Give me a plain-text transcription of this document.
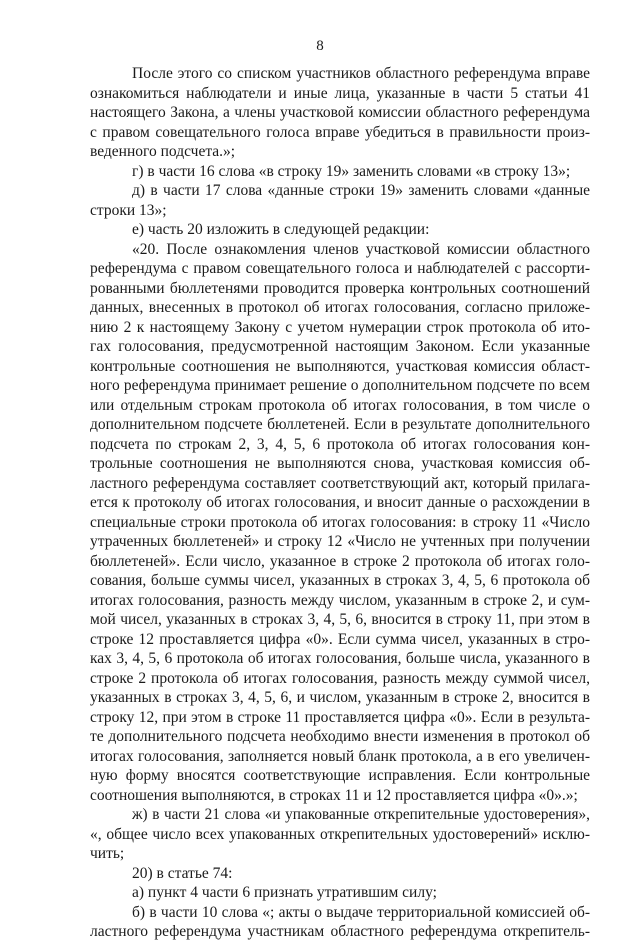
8
После этого со списком участников областного референдума вправе
ознакомиться наблюдатели и иные лица, указанные в части 5 статьи 41
настоящего Закона, а члены участковой комиссии областного референдума
с правом совещательного голоса вправе убедиться в правильности произ-
веденного подсчета.»;
г) в части 16 слова «в строку 19» заменить словами «в строку 13»;
д) в части 17 слова «данные строки 19» заменить словами «данные
строки 13»;
е) часть 20 изложить в следующей редакции:
«20. После ознакомления членов участковой комиссии областного
референдума с правом совещательного голоса и наблюдателей с рассорти-
рованными бюллетенями проводится проверка контрольных соотношений
данных, внесенных в протокол об итогах голосования, согласно приложе-
нию 2 к настоящему Закону с учетом нумерации строк протокола об ито-
гах голосования, предусмотренной настоящим Законом. Если указанные
контрольные соотношения не выполняются, участковая комиссия област-
ного референдума принимает решение о дополнительном подсчете по всем
или отдельным строкам протокола об итогах голосования, в том числе о
дополнительном подсчете бюллетеней. Если в результате дополнительного
подсчета по строкам 2, 3, 4, 5, 6 протокола об итогах голосования кон-
трольные соотношения не выполняются снова, участковая комиссия об-
ластного референдума составляет соответствующий акт, который прилага-
ется к протоколу об итогах голосования, и вносит данные о расхождении в
специальные строки протокола об итогах голосования: в строку 11 «Число
утраченных бюллетеней» и строку 12 «Число не учтенных при получении
бюллетеней». Если число, указанное в строке 2 протокола об итогах голо-
сования, больше суммы чисел, указанных в строках 3, 4, 5, 6 протокола об
итогах голосования, разность между числом, указанным в строке 2, и сум-
мой чисел, указанных в строках 3, 4, 5, 6, вносится в строку 11, при этом в
строке 12 проставляется цифра «0». Если сумма чисел, указанных в стро-
ках 3, 4, 5, 6 протокола об итогах голосования, больше числа, указанного в
строке 2 протокола об итогах голосования, разность между суммой чисел,
указанных в строках 3, 4, 5, 6, и числом, указанным в строке 2, вносится в
строку 12, при этом в строке 11 проставляется цифра «0». Если в результа-
те дополнительного подсчета необходимо внести изменения в протокол об
итогах голосования, заполняется новый бланк протокола, а в его увеличен-
ную форму вносятся соответствующие исправления. Если контрольные
соотношения выполняются, в строках 11 и 12 проставляется цифра «0».»;
ж) в части 21 слова «и упакованные открепительные удостоверения»,
«, общее число всех упакованных открепительных удостоверений» исклю-
чить;
20) в статье 74:
а) пункт 4 части 6 признать утратившим силу;
б) в части 10 слова «; акты о выдаче территориальной комиссией об-
ластного референдума участникам областного референдума открепитель-
